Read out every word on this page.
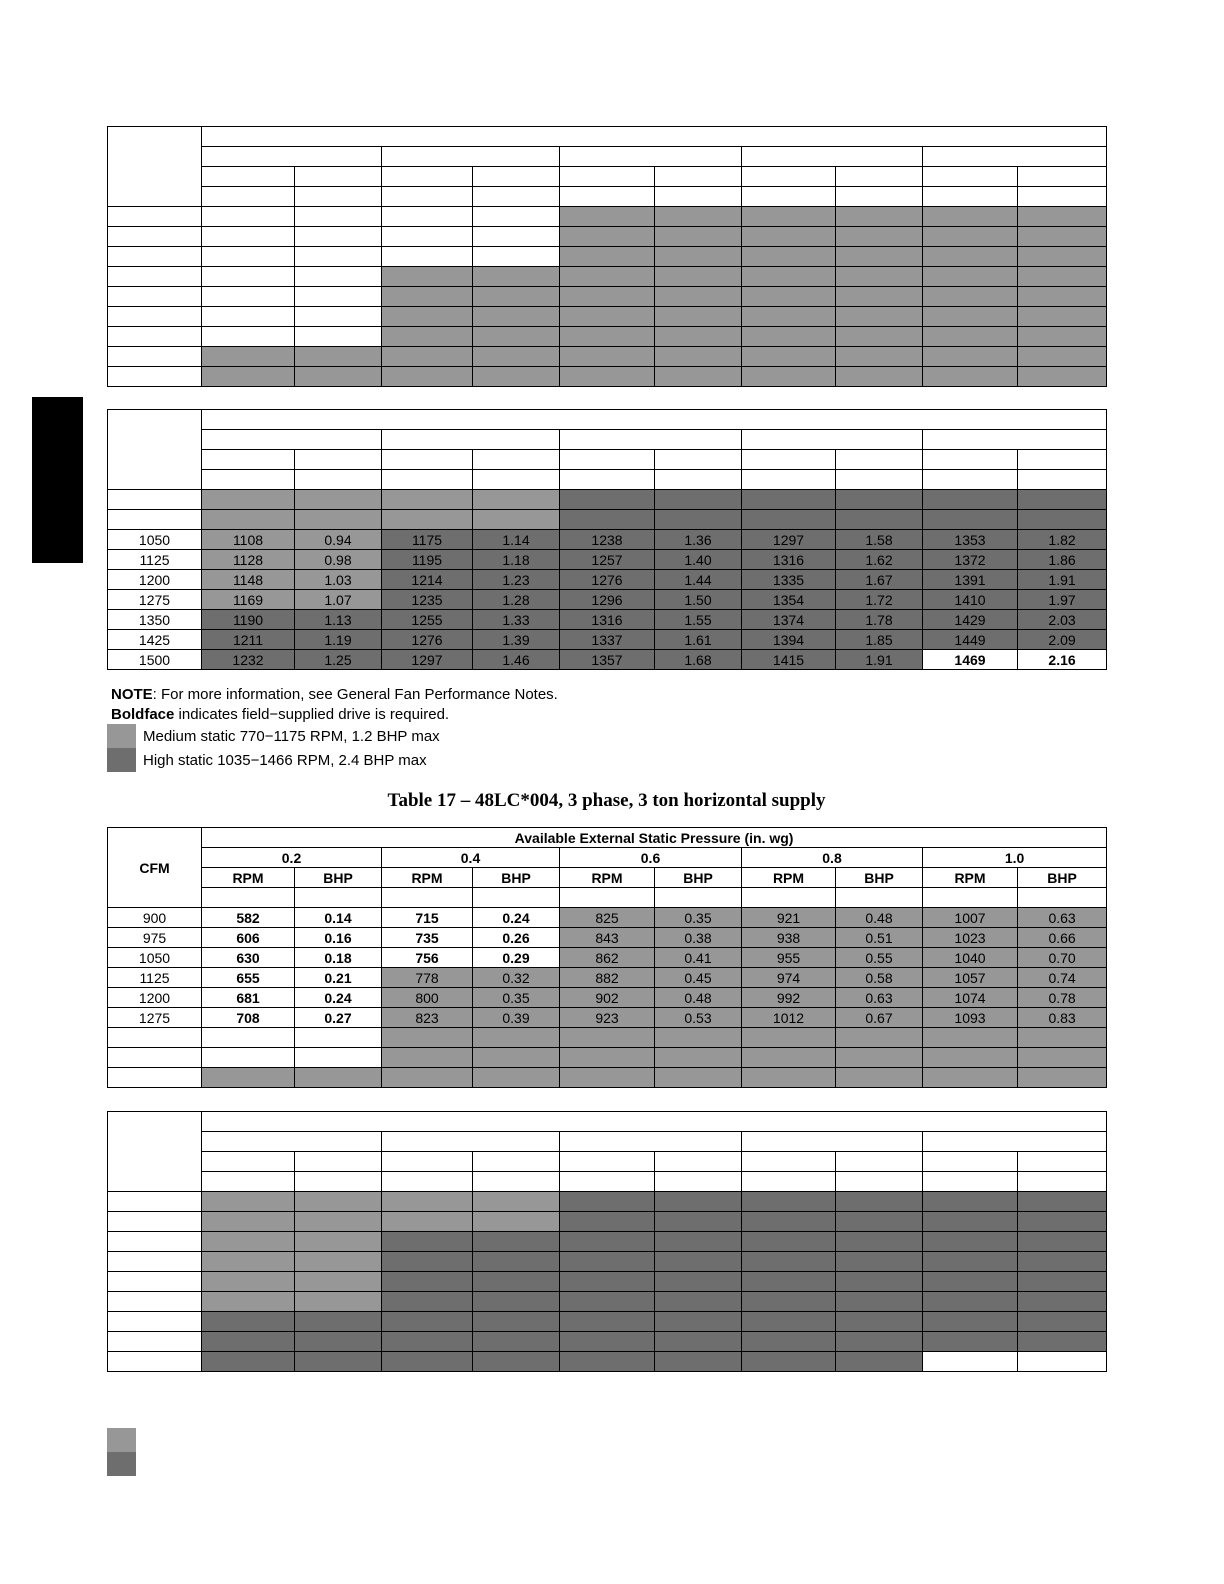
1050	1108	0.94	1175	1.14	1238	1.36	1297	1.58	1353	1.82
1125	1128	0.98	1195	1.18	1257	1.40	1316	1.62	1372	1.86
1200	1148	1.03	1214	1.23	1276	1.44	1335	1.67	1391	1.91
1275	1169	1.07	1235	1.28	1296	1.50	1354	1.72	1410	1.97
1350	1190	1.13	1255	1.33	1316	1.55	1374	1.78	1429	2.03
1425	1211	1.19	1276	1.39	1337	1.61	1394	1.85	1449	2.09
1500	1232	1.25	1297	1.46	1357	1.68	1415	1.91	1469	2.16
NOTE: For more information, see General Fan Performance Notes.
Boldface indicates field−supplied drive is required.
Medium static 770−1175 RPM, 1.2 BHP max
High static 1035−1466 RPM, 2.4 BHP max
Table 17 – 48LC*004, 3 phase, 3 ton horizontal supply
CFM	Available External Static Pressure (in. wg)									
	0.2		0.4		0.6		0.8		1.0	
	RPM	BHP	RPM	BHP	RPM	BHP	RPM	BHP	RPM	BHP

900	582	0.14	715	0.24	825	0.35	921	0.48	1007	0.63
975	606	0.16	735	0.26	843	0.38	938	0.51	1023	0.66
1050	630	0.18	756	0.29	862	0.41	955	0.55	1040	0.70
1125	655	0.21	778	0.32	882	0.45	974	0.58	1057	0.74
1200	681	0.24	800	0.35	902	0.48	992	0.63	1074	0.78
1275	708	0.27	823	0.39	923	0.53	1012	0.67	1093	0.83
